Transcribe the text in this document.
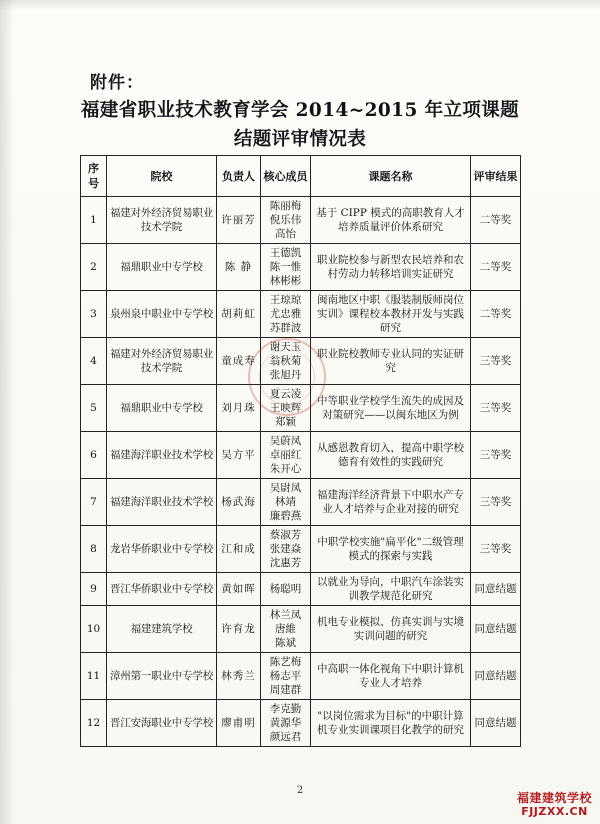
附件：
福建省职业技术教育学会 2014~2015 年立项课题
结题评审情况表
序号	院校	负责人	核心成员	课题名称	评审结果
1	福建对外经济贸易职业技术学院	许丽芳	陈丽梅
倪乐伟
高怡	基于 CIPP 模式的高职教育人才培养质量评价体系研究	二等奖
2	福鼎职业中专学校	陈 静	王德凯
陈一惟
林彬彬	职业院校参与新型农民培养和农村劳动力转移培训实证研究	二等奖
3	泉州泉中职业中专学校	胡莉虹	王琼琼
尤忠雅
苏群波	闽南地区中职《服装制版师岗位实训》课程校本教材开发与实践研究	二等奖
4	福建对外经济贸易职业技术学院	童成寿	谢天玉
翁秋菊
张旭丹	职业院校教师专业认同的实证研究	三等奖
5	福鼎职业中专学校	刘月珠	夏云凌
王映辉
郑颖	中等职业学校学生流失的成因及对策研究——以闽东地区为例	三等奖
6	福建海洋职业技术学校	吴方平	吴蔚凤
卓丽红
朱开心	从感恩教育切入，提高中职学校德育有效性的实践研究	三等奖
7	福建海洋职业技术学校	杨武海	吴尉凤
林靖
廉碧燕	福建海洋经济背景下中职水产专业人才培养与企业对接的研究	三等奖
8	龙岩华侨职业中专学校	江和成	蔡淑芳
张建焱
沈惠芳	中职学校实施"扁平化"二级管理模式的探索与实践	三等奖
9	晋江华侨职业中专学校	黄如晖	杨聪明	以就业为导向，中职汽车涂装实训教学规范化研究	同意结题
10	福建建筑学校	许育龙	林兰凤
唐維
陈斌	机电专业模拟、仿真实训与实境实训问题的研究	同意结题
11	漳州第一职业中专学校	林秀兰	陈艺梅
杨志平
周建群	中高职一体化视角下中职计算机专业人才培养	同意结题
12	晋江安海职业中专学校	廖甫明	李克勤
黄源华
颜远君	"以岗位需求为目标"的中职计算机专业实训课项目化教学的研究	同意结题
2
福建建筑学校
FJJZXX.CN
